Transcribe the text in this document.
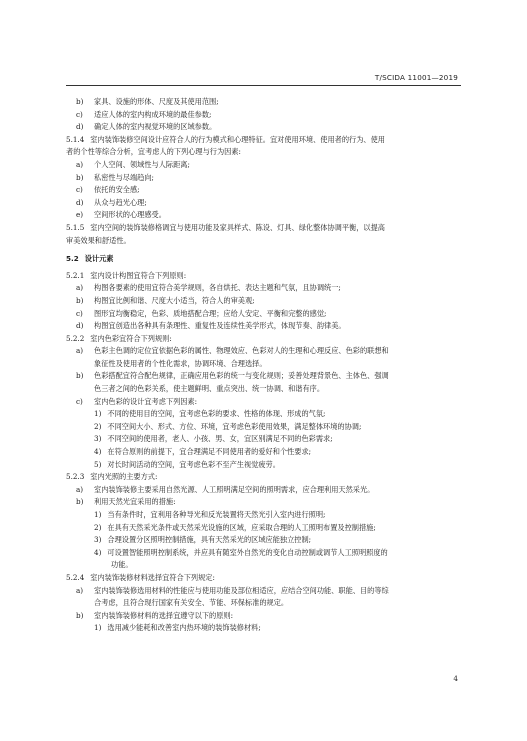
T/SCIDA 11001—2019
b) 家具、设施的形体、尺度及其使用范围;
c) 适应人体的室内构成环境的最佳参数;
d) 确定人体的室内视觉环境的区域参数。
5.1.4 室内装饰装修空间设计应符合人的行为模式和心理特征。宜对使用环境、使用者的行为、使用
者的个性等综合分析，宜考虑人的下列心理与行为因素:
a) 个人空间、领域性与人际距离;
b) 私密性与尽端趋向;
c) 依托的安全感;
d) 从众与趋光心理;
e) 空间形状的心理感受。
5.1.5 室内空间的装饰装修格调宜与使用功能及家具样式、陈设、灯具、绿化整体协调平衡，以提高
审美效果和舒适性。
5.2 设计元素
5.2.1 室内设计构图宜符合下列原则:
a) 构图各要素的使用宜符合美学规则，各自烘托、表达主题和气氛，且协调统一;
b) 构图宜比例和谐、尺度大小适当，符合人的审美观;
c) 图形宜均衡稳定，色彩、质地搭配合理；应给人安定、平衡和完整的感觉;
d) 构图宜创造出各种具有条理性、重复性及连续性美学形式，体现节奏、韵律美。
5.2.2 室内色彩宜符合下列规则:
a) 色彩主色调的定位宜依据色彩的属性、物理效应、色彩对人的生理和心理反应、色彩的联想和
象征性及使用者的个性化需求，协调环境、合理选择。
b) 色彩搭配宜符合配色规律，正确应用色彩的统一与变化规则；妥善处理背景色、主体色、强调
色三者之间的色彩关系，使主题鲜明、重点突出、统一协调、和谐有序。
c) 室内色彩的设计宜考虑下列因素:
1) 不同的使用目的空间，宜考虑色彩的要求、性格的体现、形成的气氛;
2) 不同空间大小、形式、方位、环境，宜考虑色彩使用效果，满足整体环境的协调;
3) 不同空间的使用者，老人、小孩、男、女，宜区别满足不同的色彩需求;
4) 在符合原则的前提下，宜合理满足不同使用者的爱好和个性要求;
5) 对长时间活动的空间，宜考虑色彩不至产生视觉疲劳。
5.2.3 室内光照的主要方式:
a) 室内装饰装修主要采用自然光源、人工照明满足空间的照明需求，应合理利用天然采光。
b) 利用天然光宜采用的措施:
1) 当有条件时，宜利用各种导光和反光装置将天然光引入室内进行照明;
2) 在具有天然采光条件或天然采光设施的区域，应采取合理的人工照明布置及控制措施;
3) 合理设置分区照明控制措施，具有天然采光的区域应能独立控制;
4) 可设置智能照明控制系统，并应具有随室外自然光的变化自动控制或调节人工照明照度的
功能。
5.2.4 室内装饰装修材料选择宜符合下列规定:
a) 室内装饰装修选用材料的性能应与使用功能及部位相适应，应结合空间功能、职能、目的等综
合考虑，且符合现行国家有关安全、节能、环保标准的规定。
b) 室内装饰装修材料的选择宜遵守以下的原则:
1) 选用减少能耗和改善室内热环境的装饰装修材料;
4
